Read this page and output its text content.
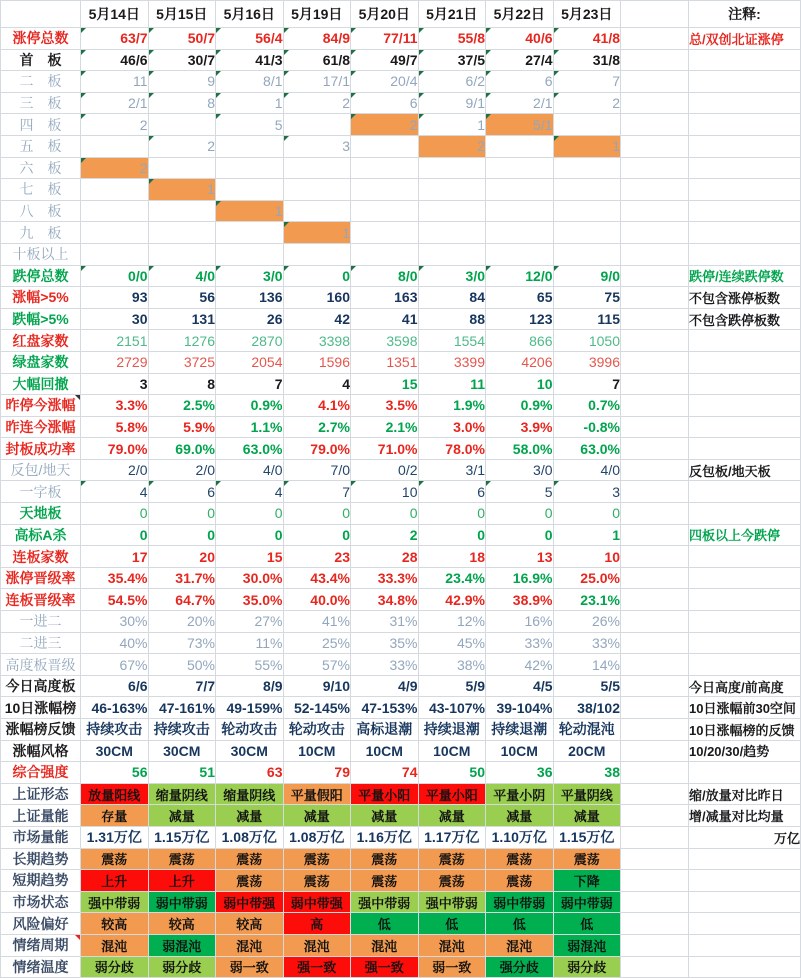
	5月14日	5月15日	5月16日	5月19日	5月20日	5月21日	5月22日	5月23日		注释:
涨停总数	63/7	50/7	56/4	84/9	77/11	55/8	40/6	41/8		总/双创北证涨停
首　板	46/6	30/7	41/3	61/8	49/7	37/5	27/4	31/8		
二　板	11	9	8/1	17/1	20/4	6/2	6	7		
三　板	2/1	8	1	2	6	9/1	2/1	2		
四　板	2		5		2	1	5/1			
五　板		2		3		2		1		
六　板	2									
七　板		1								
八　板			1							
九　板				1						
十板以上										
跌停总数	0/0	4/0	3/0	0	8/0	3/0	12/0	9/0		跌停/连续跌停数
涨幅>5%	93	56	136	160	163	84	65	75		不包含涨停板数
跌幅>5%	30	131	26	42	41	88	123	115		不包含跌停板数
红盘家数	2151	1276	2870	3398	3598	1554	866	1050		
绿盘家数	2729	3725	2054	1596	1351	3399	4206	3996		
大幅回撤	3	8	7	4	15	11	10	7		
昨停今涨幅	3.3%	2.5%	0.9%	4.1%	3.5%	1.9%	0.9%	0.7%		
昨连今涨幅	5.8%	5.9%	1.1%	2.7%	2.1%	3.0%	3.9%	-0.8%		
封板成功率	79.0%	69.0%	63.0%	79.0%	71.0%	78.0%	58.0%	63.0%		
反包/地天	2/0	2/0	4/0	7/0	0/2	3/1	3/0	4/0		反包板/地天板
一字板	4	6	4	7	10	6	5	3		
天地板	0	0	0	0	0	0	0	0		
高标A杀	0	0	0	0	2	0	0	1		四板以上今跌停
连板家数	17	20	15	23	28	18	13	10		
涨停晋级率	35.4%	31.7%	30.0%	43.4%	33.3%	23.4%	16.9%	25.0%		
连板晋级率	54.5%	64.7%	35.0%	40.0%	34.8%	42.9%	38.9%	23.1%		
一进二	30%	20%	27%	41%	31%	12%	16%	26%		
二进三	40%	73%	11%	25%	35%	45%	33%	33%		
高度板晋级	67%	50%	55%	57%	33%	38%	42%	14%		
今日高度板	6/6	7/7	8/9	9/10	4/9	5/9	4/5	5/5		今日高度/前高度
10日涨幅榜	46-163%	47-161%	49-159%	52-145%	47-153%	43-107%	39-104%	38/102		10日涨幅前30空间
涨幅榜反馈	持续攻击	持续攻击	轮动攻击	轮动攻击	高标退潮	持续退潮	持续退潮	轮动混沌		10日涨幅榜的反馈
涨幅风格	30CM	30CM	30CM	10CM	10CM	10CM	10CM	20CM		10/20/30/趋势
综合强度	56	51	63	79	74	50	36	38		
上证形态	放量阳线	缩量阴线	缩量阴线	平量假阳	平量小阳	平量小阳	平量小阴	平量阴线		缩/放量对比昨日
上证量能	存量	减量	减量	减量	减量	减量	减量	减量		增/减量对比均量
市场量能	1.31万亿	1.15万亿	1.08万亿	1.08万亿	1.16万亿	1.17万亿	1.10万亿	1.15万亿		万亿
长期趋势	震荡	震荡	震荡	震荡	震荡	震荡	震荡	震荡		
短期趋势	上升	上升	震荡	震荡	震荡	震荡	震荡	下降		
市场状态	强中带弱	弱中带弱	弱中带强	弱中带强	强中带弱	强中带弱	弱中带弱	弱中带弱		
风险偏好	较高	较高	较高	高	低	低	低	低		
情绪周期	混沌	弱混沌	混沌	混沌	混沌	混沌	混沌	弱混沌		
情绪温度	弱分歧	弱分歧	弱一致	强一致	强一致	弱一致	强分歧	弱分歧		
